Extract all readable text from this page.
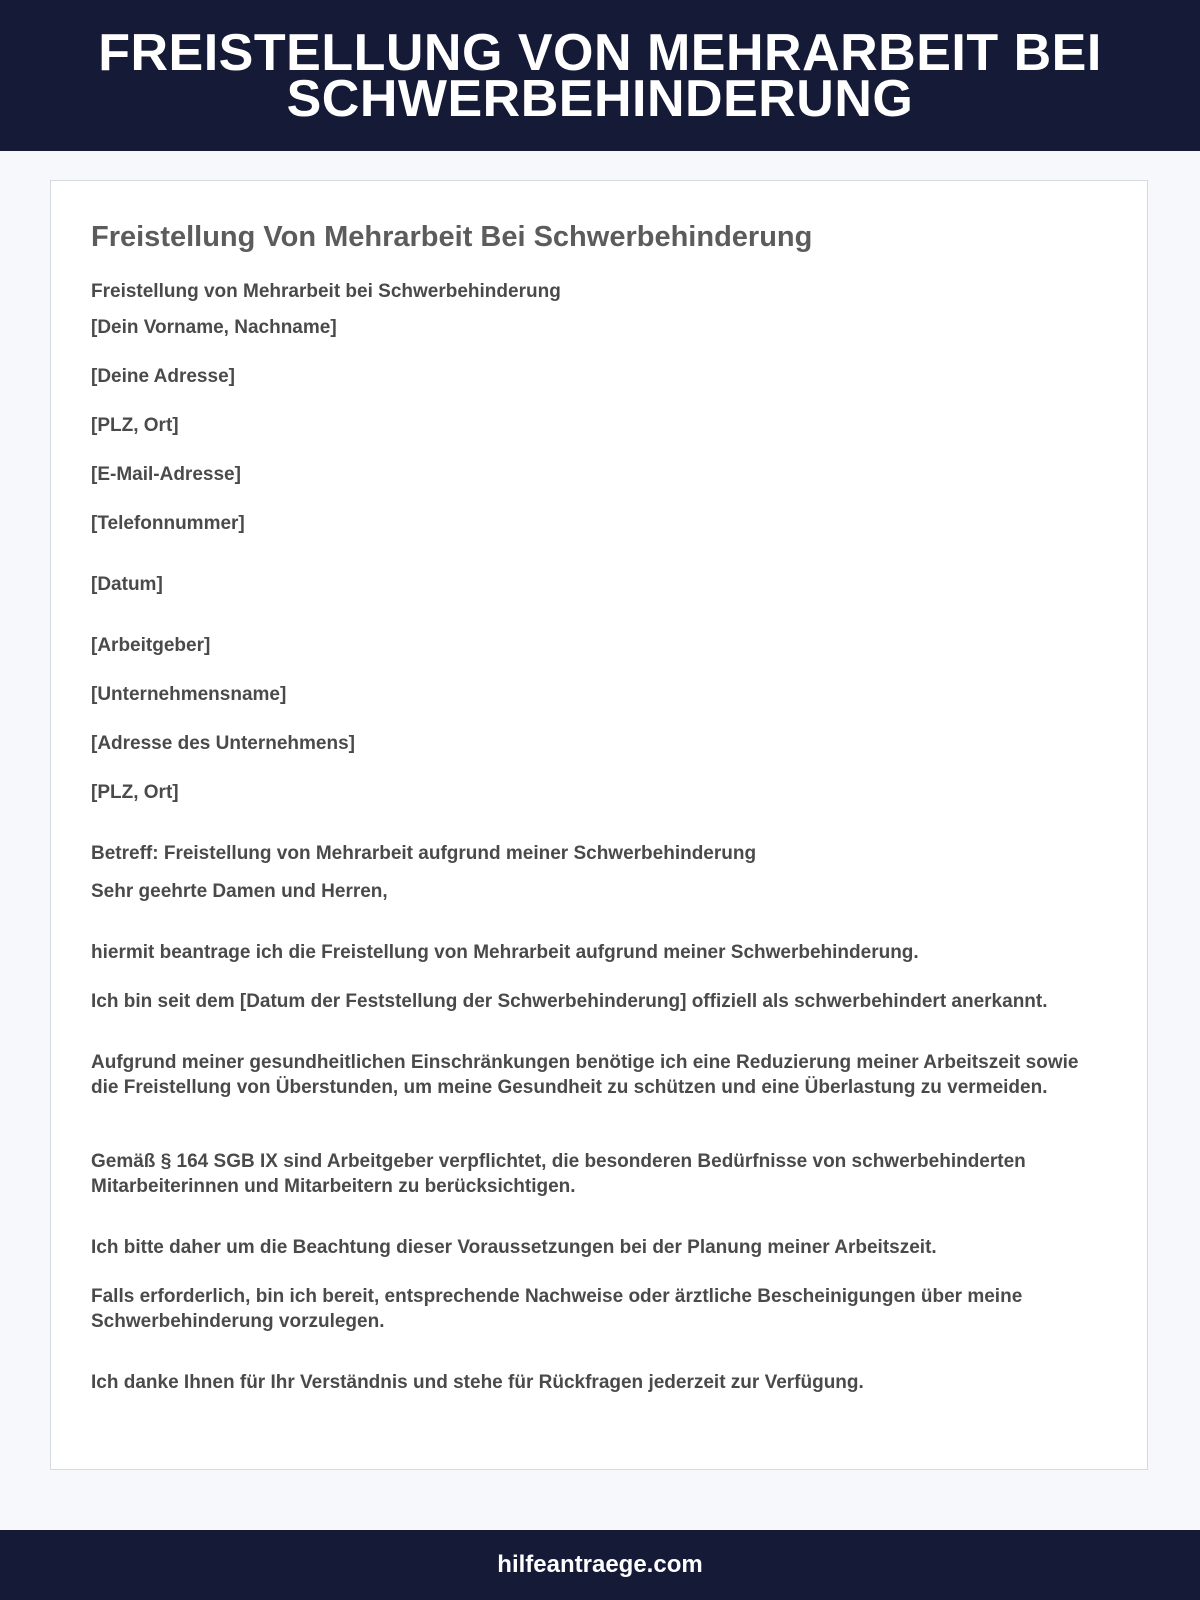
FREISTELLUNG VON MEHRARBEIT BEI SCHWERBEHINDERUNG
Freistellung Von Mehrarbeit Bei Schwerbehinderung

Freistellung von Mehrarbeit bei Schwerbehinderung

[Dein Vorname, Nachname]

[Deine Adresse]

[PLZ, Ort]

[E-Mail-Adresse]

[Telefonnummer]

[Datum]

[Arbeitgeber]

[Unternehmensname]

[Adresse des Unternehmens]

[PLZ, Ort]

Betreff: Freistellung von Mehrarbeit aufgrund meiner Schwerbehinderung

Sehr geehrte Damen und Herren,

hiermit beantrage ich die Freistellung von Mehrarbeit aufgrund meiner Schwerbehinderung.

Ich bin seit dem [Datum der Feststellung der Schwerbehinderung] offiziell als schwerbehindert anerkannt.

Aufgrund meiner gesundheitlichen Einschränkungen benötige ich eine Reduzierung meiner Arbeitszeit sowie die Freistellung von Überstunden, um meine Gesundheit zu schützen und eine Überlastung zu vermeiden.

Gemäß § 164 SGB IX sind Arbeitgeber verpflichtet, die besonderen Bedürfnisse von schwerbehinderten Mitarbeiterinnen und Mitarbeitern zu berücksichtigen.

Ich bitte daher um die Beachtung dieser Voraussetzungen bei der Planung meiner Arbeitszeit.

Falls erforderlich, bin ich bereit, entsprechende Nachweise oder ärztliche Bescheinigungen über meine Schwerbehinderung vorzulegen.

Ich danke Ihnen für Ihr Verständnis und stehe für Rückfragen jederzeit zur Verfügung.

hilfeantraege.com
